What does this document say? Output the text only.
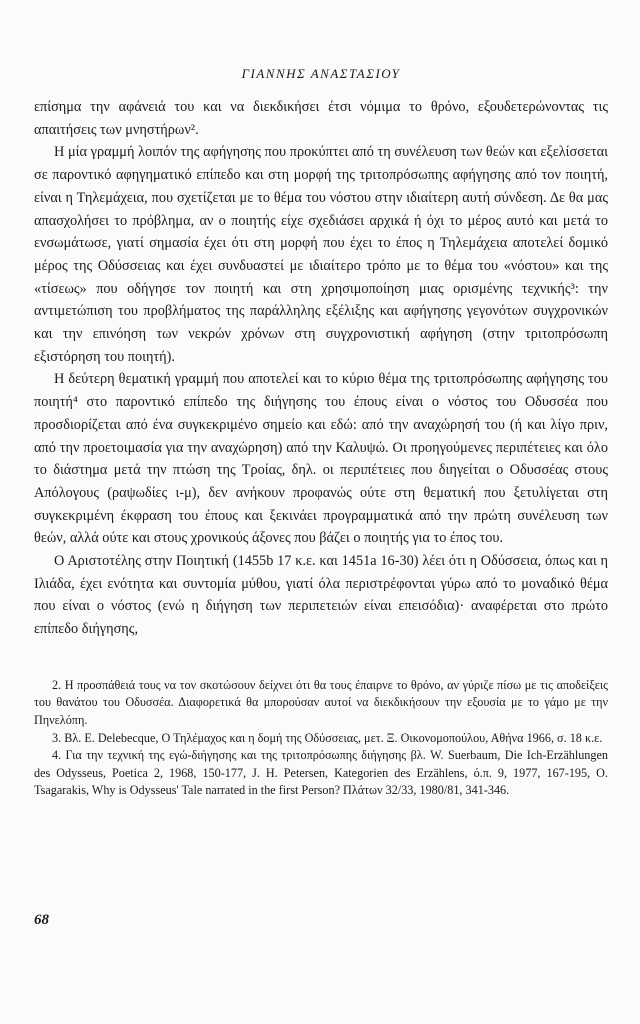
ΓΙΑΝΝΗΣ ΑΝΑΣΤΑΣΙΟΥ

επίσημα την αφάνειά του και να διεκδικήσει έτσι νόμιμα το θρόνο, εξουδετερώνοντας τις απαιτήσεις των μνηστήρων².

Η μία γραμμή λοιπόν της αφήγησης που προκύπτει από τη συνέλευση των θεών και εξελίσσεται σε παροντικό αφηγηματικό επίπεδο και στη μορφή της τριτοπρόσωπης αφήγησης από τον ποιητή, είναι η Τηλεμάχεια, που σχετίζεται με το θέμα του νόστου στην ιδιαίτερη αυτή σύνδεση. Δε θα μας απασχολήσει το πρόβλημα, αν ο ποιητής είχε σχεδιάσει αρχικά ή όχι το μέρος αυτό και μετά το ενσωμάτωσε, γιατί σημασία έχει ότι στη μορφή που έχει το έπος η Τηλεμάχεια αποτελεί δομικό μέρος της Οδύσσειας και έχει συνδυαστεί με ιδιαίτερο τρόπο με το θέμα του «νόστου» και της «τίσεως» που οδήγησε τον ποιητή και στη χρησιμοποίηση μιας ορισμένης τεχνικής³: την αντιμετώπιση του προβλήματος της παράλληλης εξέλιξης και αφήγησης γεγονότων συγχρονικών και την επινόηση των νεκρών χρόνων στη συγχρονιστική αφήγηση (στην τριτοπρόσωπη εξιστόρηση του ποιητή).

Η δεύτερη θεματική γραμμή που αποτελεί και το κύριο θέμα της τριτοπρόσωπης αφήγησης του ποιητή⁴ στο παροντικό επίπεδο της διήγησης του έπους είναι ο νόστος του Οδυσσέα που προσδιορίζεται από ένα συγκεκριμένο σημείο και εδώ: από την αναχώρησή του (ή και λίγο πριν, από την προετοιμασία για την αναχώρηση) από την Καλυψώ. Οι προηγούμενες περιπέτειες και όλο το διάστημα μετά την πτώση της Τροίας, δηλ. οι περιπέτειες που διηγείται ο Οδυσσέας στους Απόλογους (ραψωδίες ι-μ), δεν ανήκουν προφανώς ούτε στη θεματική που ξετυλίγεται στη συγκεκριμένη έκφραση του έπους και ξεκινάει προγραμματικά από την πρώτη συνέλευση των θεών, αλλά ούτε και στους χρονικούς άξονες που βάζει ο ποιητής για το έπος του.

Ο Αριστοτέλης στην Ποιητική (1455b 17 κ.ε. και 1451a 16-30) λέει ότι η Οδύσσεια, όπως και η Ιλιάδα, έχει ενότητα και συντομία μύθου, γιατί όλα περιστρέφονται γύρω από το μοναδικό θέμα που είναι ο νόστος (ενώ η διήγηση των περιπετειών είναι επεισόδια)· αναφέρεται στο πρώτο επίπεδο διήγησης,

2. Η προσπάθειά τους να τον σκοτώσουν δείχνει ότι θα τους έπαιρνε το θρόνο, αν γύριζε πίσω με τις αποδείξεις του θανάτου του Οδυσσέα. Διαφορετικά θα μπορούσαν αυτοί να διεκδικήσουν την εξουσία με το γάμο με την Πηνελόπη.

3. Βλ. E. Delebecque, Ο Τηλέμαχος και η δομή της Οδύσσειας, μετ. Ξ. Οικονομοπούλου, Αθήνα 1966, σ. 18 κ.ε.

4. Για την τεχνική της εγώ-διήγησης και της τριτοπρόσωπης διήγησης βλ. W. Suerbaum, Die Ich-Erzählungen des Odysseus, Poetica 2, 1968, 150-177, J. H. Petersen, Kategorien des Erzählens, ό.π. 9, 1977, 167-195, O. Tsagarakis, Why is Odysseus' Tale narrated in the first Person? Πλάτων 32/33, 1980/81, 341-346.

68
